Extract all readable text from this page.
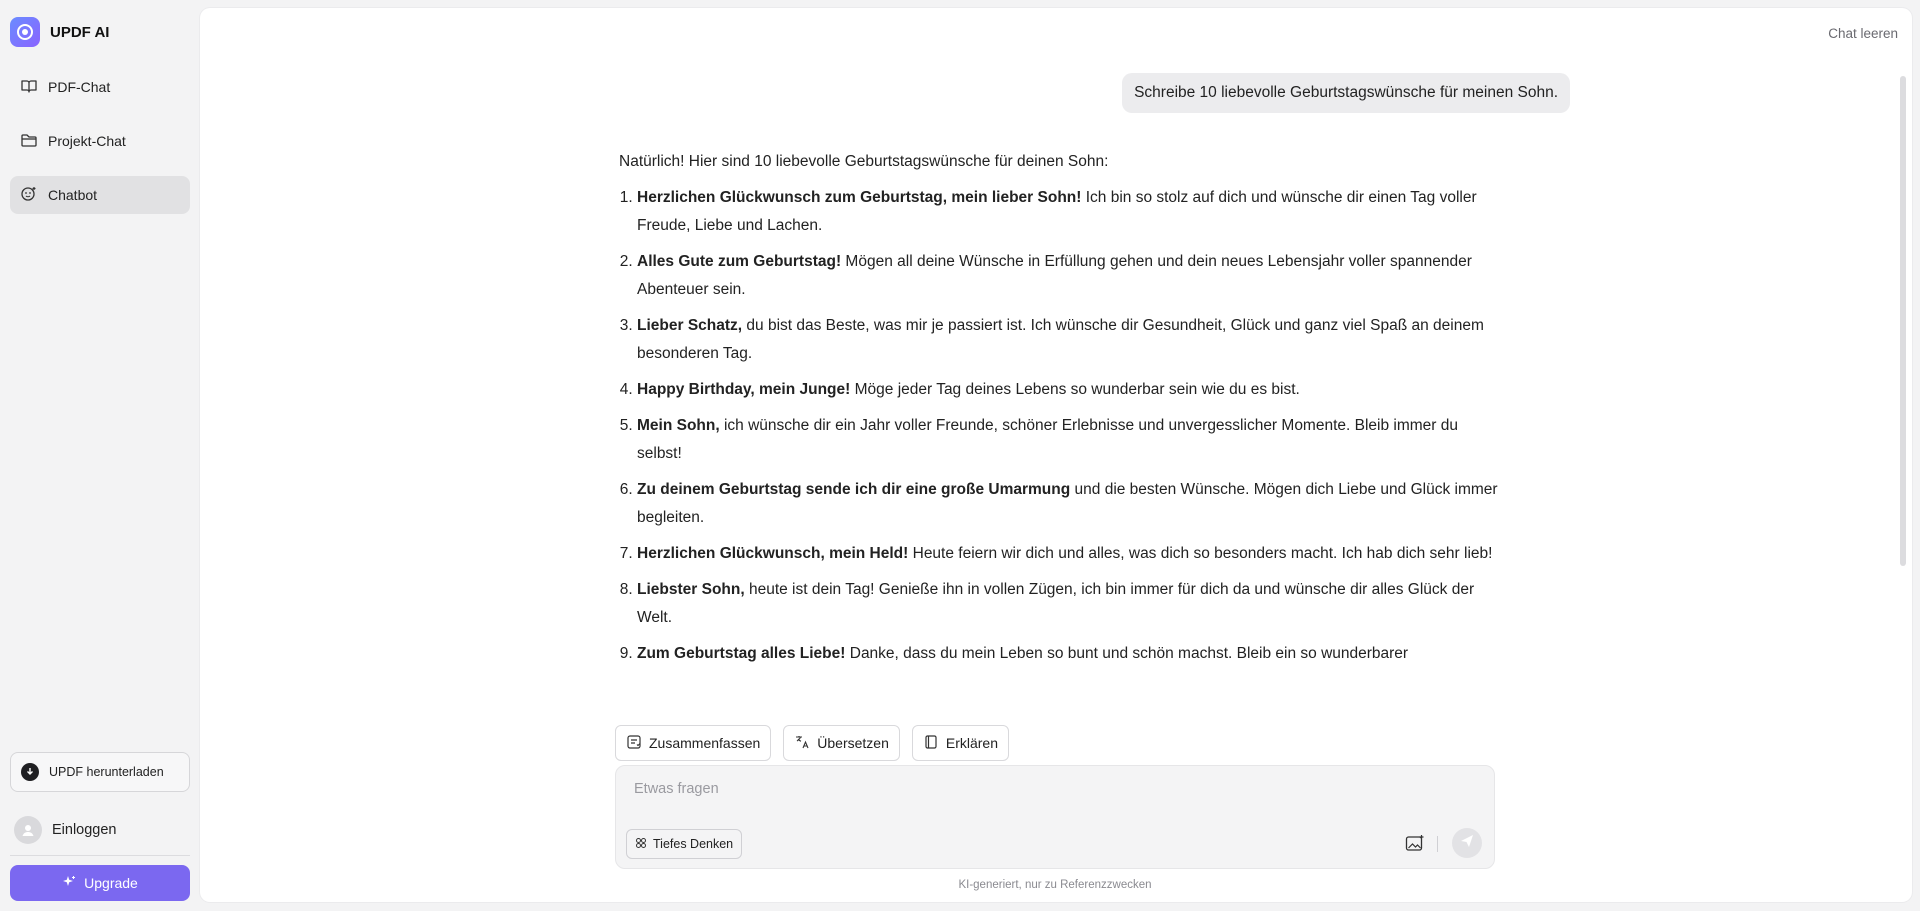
UPDF AI
PDF-Chat
Projekt-Chat
Chatbot
UPDF herunterladen
Einloggen
Upgrade
Chat leeren
Schreibe 10 liebevolle Geburtstagswünsche für meinen Sohn.

Natürlich! Hier sind 10 liebevolle Geburtstagswünsche für deinen Sohn:

1. Herzlichen Glückwunsch zum Geburtstag, mein lieber Sohn! Ich bin so stolz auf dich und wünsche dir einen Tag voller Freude, Liebe und Lachen.
2. Alles Gute zum Geburtstag! Mögen all deine Wünsche in Erfüllung gehen und dein neues Lebensjahr voller spannender Abenteuer sein.
3. Lieber Schatz, du bist das Beste, was mir je passiert ist. Ich wünsche dir Gesundheit, Glück und ganz viel Spaß an deinem besonderen Tag.
4. Happy Birthday, mein Junge! Möge jeder Tag deines Lebens so wunderbar sein wie du es bist.
5. Mein Sohn, ich wünsche dir ein Jahr voller Freunde, schöner Erlebnisse und unvergesslicher Momente. Bleib immer du selbst!
6. Zu deinem Geburtstag sende ich dir eine große Umarmung und die besten Wünsche. Mögen dich Liebe und Glück immer begleiten.
7. Herzlichen Glückwunsch, mein Held! Heute feiern wir dich und alles, was dich so besonders macht. Ich hab dich sehr lieb!
8. Liebster Sohn, heute ist dein Tag! Genieße ihn in vollen Zügen, ich bin immer für dich da und wünsche dir alles Glück der Welt.
9. Zum Geburtstag alles Liebe! Danke, dass du mein Leben so bunt und schön machst. Bleib ein so wunderbarer
Zusammenfassen	Übersetzen	Erklären
Etwas fragen
Tiefes Denken
KI-generiert, nur zu Referenzzwecken
